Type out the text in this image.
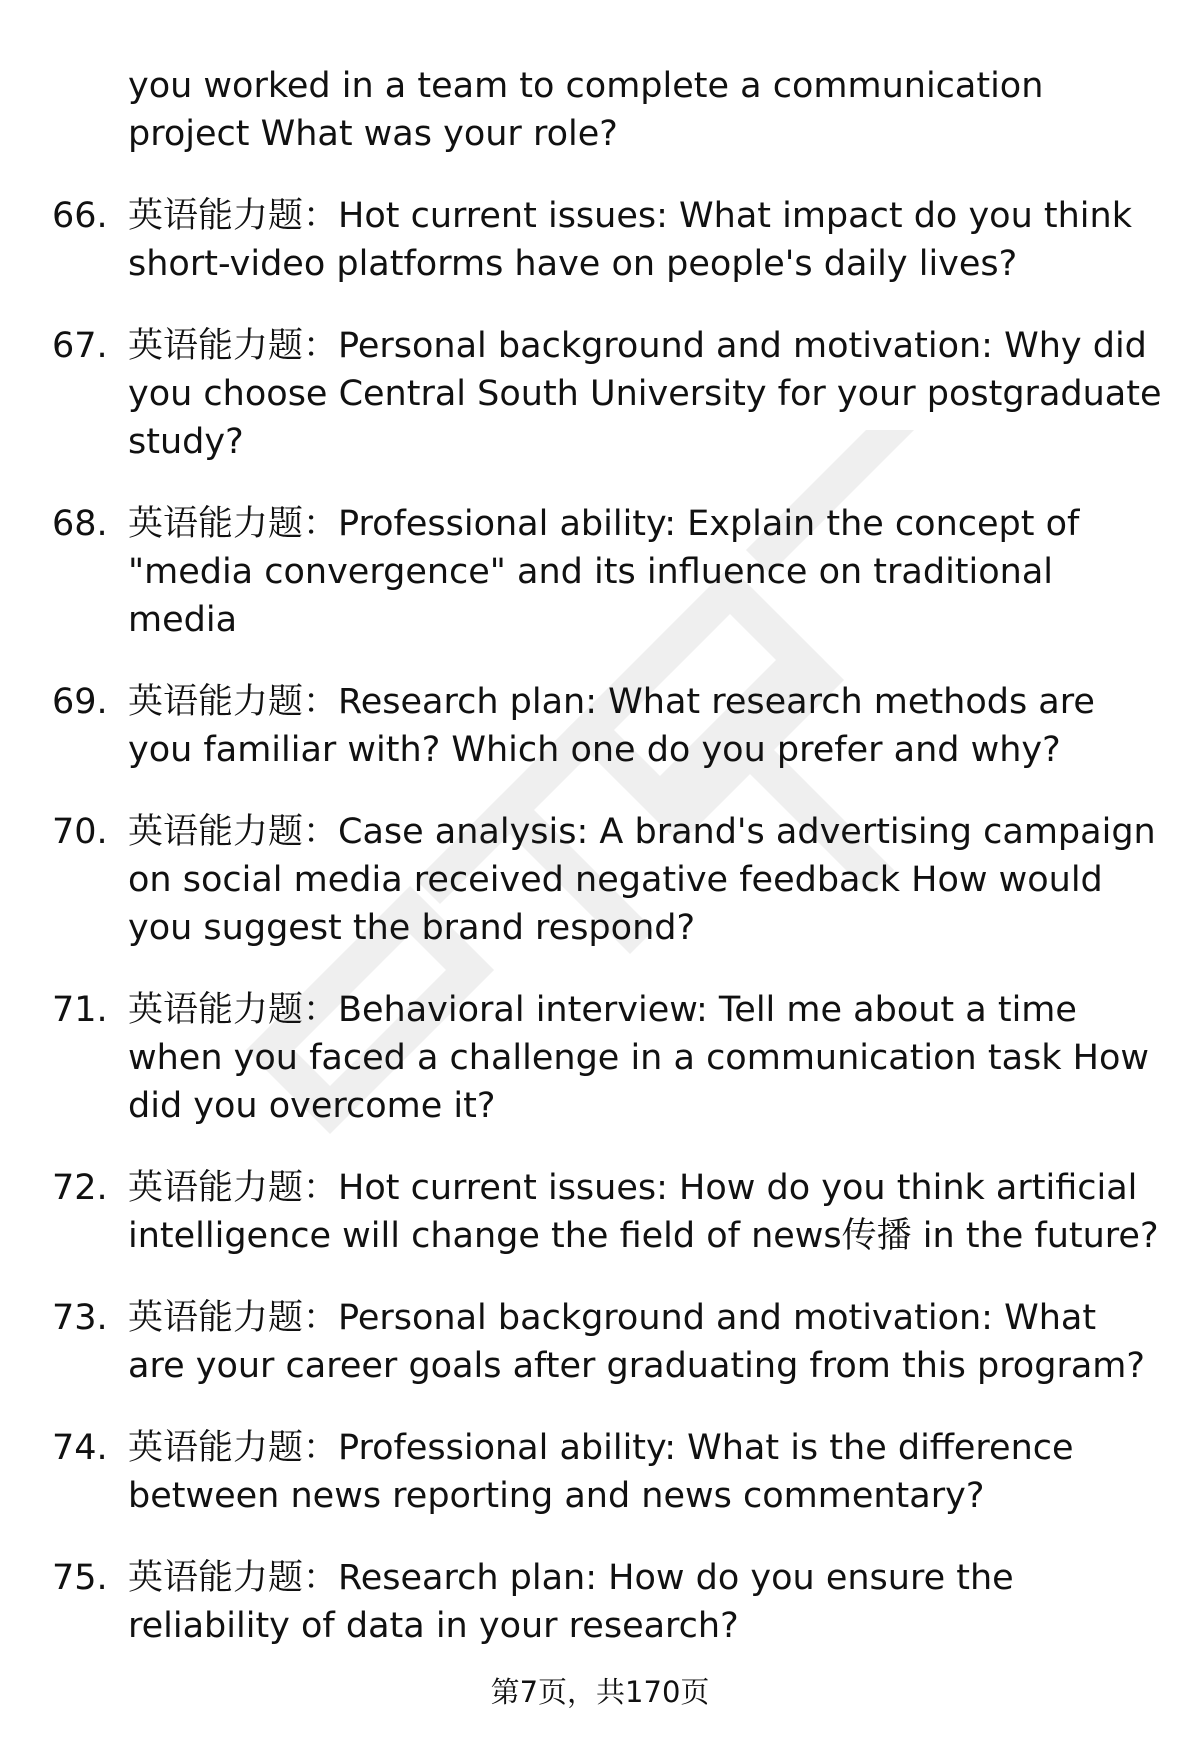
you worked in a team to complete a communication project What was your role?
66. 英语能力题：Hot current issues: What impact do you think short-video platforms have on people's daily lives?
67. 英语能力题：Personal background and motivation: Why did you choose Central South University for your postgraduate study?
68. 英语能力题：Professional ability: Explain the concept of "media convergence" and its influence on traditional media
69. 英语能力题：Research plan: What research methods are you familiar with? Which one do you prefer and why?
70. 英语能力题：Case analysis: A brand's advertising campaign on social media received negative feedback How would you suggest the brand respond?
71. 英语能力题：Behavioral interview: Tell me about a time when you faced a challenge in a communication task How did you overcome it?
72. 英语能力题：Hot current issues: How do you think artificial intelligence will change the field of news传播 in the future?
73. 英语能力题：Personal background and motivation: What are your career goals after graduating from this program?
74. 英语能力题：Professional ability: What is the difference between news reporting and news commentary?
75. 英语能力题：Research plan: How do you ensure the reliability of data in your research?
第7页，共170页
